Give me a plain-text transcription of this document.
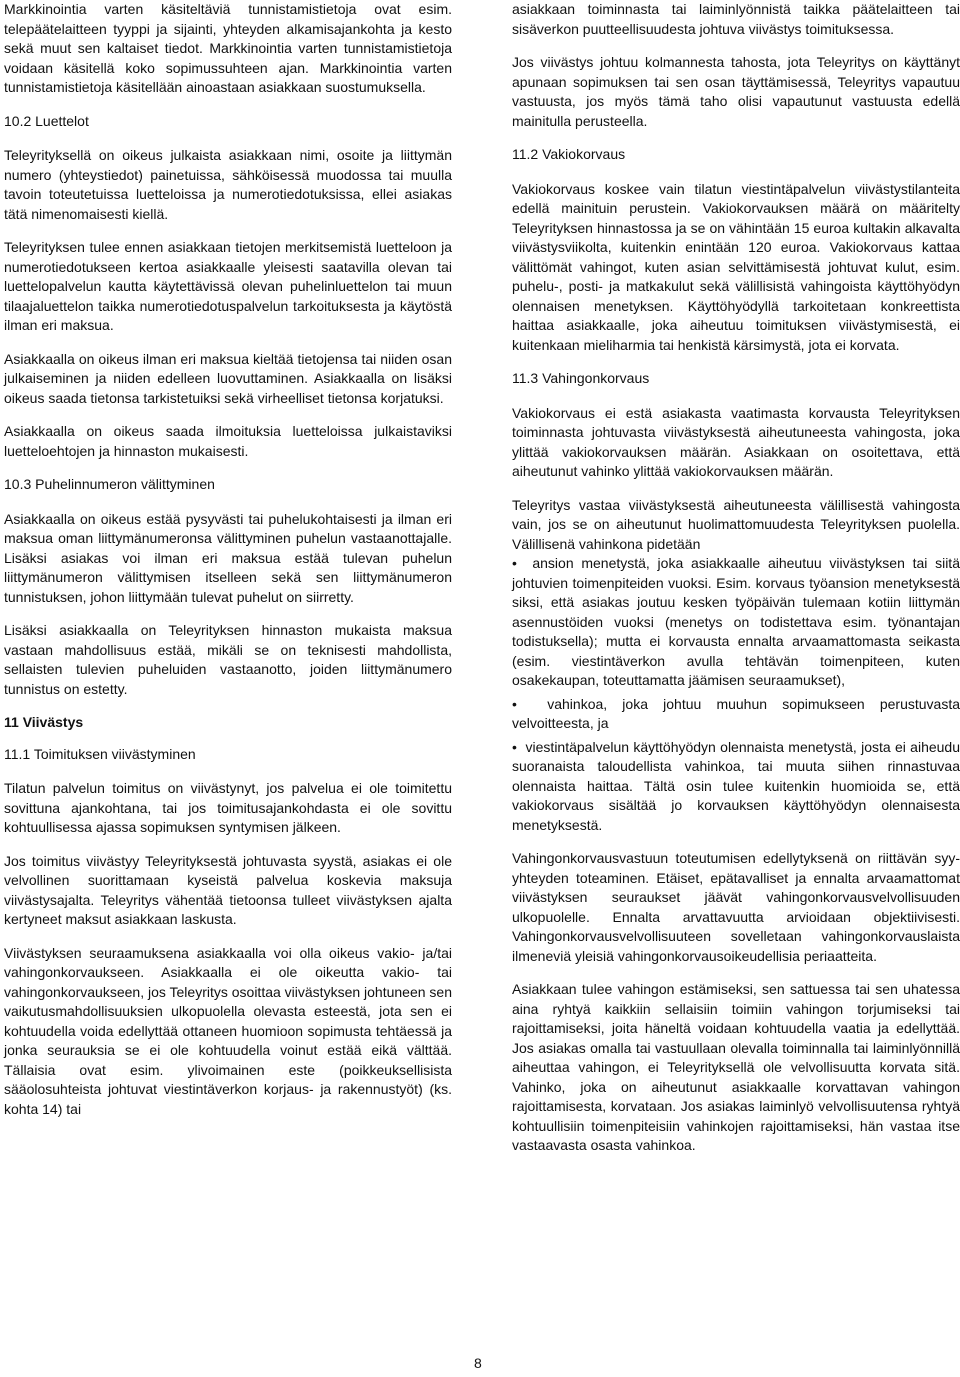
Markkinointia varten käsiteltäviä tunnistamistietoja ovat esim. telepäätelaitteen tyyppi ja sijainti, yhteyden alkamisajankohta ja kesto sekä muut sen kaltaiset tiedot. Markkinointia varten tunnistamistietoja voidaan käsitellä koko sopimussuhteen ajan. Markkinointia varten tunnistamistietoja käsitellään ainoastaan asiakkaan suostumuksella.

10.2 Luettelot

Teleyrityksellä on oikeus julkaista asiakkaan nimi, osoite ja liittymän numero (yhteystiedot) painetuissa, sähköisessä muodossa tai muulla tavoin toteutetuissa luetteloissa ja numerotiedotuksissa, ellei asiakas tätä nimenomaisesti kiellä.

Teleyrityksen tulee ennen asiakkaan tietojen merkitsemistä luetteloon ja numerotiedotukseen kertoa asiakkaalle yleisesti saatavilla olevan tai luettelopalvelun kautta käytettävissä olevan puhelinluettelon tai muun tilaajaluettelon taikka numerotiedotuspalvelun tarkoituksesta ja käytöstä ilman eri maksua.

Asiakkaalla on oikeus ilman eri maksua kieltää tietojensa tai niiden osan julkaiseminen ja niiden edelleen luovuttaminen. Asiakkaalla on lisäksi oikeus saada tietonsa tarkistetuiksi sekä virheelliset tietonsa korjatuksi.

Asiakkaalla on oikeus saada ilmoituksia luetteloissa julkaistaviksi luetteloehtojen ja hinnaston mukaisesti.

10.3 Puhelinnumeron välittyminen

Asiakkaalla on oikeus estää pysyvästi tai puhelukohtaisesti ja ilman eri maksua oman liittymänumeronsa välittyminen puhelun vastaanottajalle. Lisäksi asiakas voi ilman eri maksua estää tulevan puhelun liittymänumeron välittymisen itselleen sekä sen liittymänumeron tunnistuksen, johon liittymään tulevat puhelut on siirretty.

Lisäksi asiakkaalla on Teleyrityksen hinnaston mukaista maksua vastaan mahdollisuus estää, mikäli se on teknisesti mahdollista, sellaisten tulevien puheluiden vastaanotto, joiden liittymänumero tunnistus on estetty.

11 Viivästys
11.1 Toimituksen viivästyminen

Tilatun palvelun toimitus on viivästynyt, jos palvelua ei ole toimitettu sovittuna ajankohtana, tai jos toimitusajankohdasta ei ole sovittu kohtuullisessa ajassa sopimuksen syntymisen jälkeen.

Jos toimitus viivästyy Teleyrityksestä johtuvasta syystä, asiakas ei ole velvollinen suorittamaan kyseistä palvelua koskevia maksuja viivästysajalta. Teleyritys vähentää tietoonsa tulleet viivästyksen ajalta kertyneet maksut asiakkaan laskusta.

Viivästyksen seuraamuksena asiakkaalla voi olla oikeus vakio- ja/tai vahingonkorvaukseen. Asiakkaalla ei ole oikeutta vakio- tai vahingonkorvaukseen, jos Teleyritys osoittaa viivästyksen johtuneen sen vaikutusmahdollisuuksien ulkopuolella olevasta esteestä, jota sen ei kohtuudella voida edellyttää ottaneen huomioon sopimusta tehtäessä ja jonka seurauksia se ei ole kohtuudella voinut estää eikä välttää. Tällaisia ovat esim. ylivoimainen este (poikkeuksellisista sääolosuhteista johtuvat viestintäverkon korjaus- ja rakennustyöt) (ks. kohta 14) tai

asiakkaan toiminnasta tai laiminlyönnistä taikka päätelaitteen tai sisäverkon puutteellisuudesta johtuva viivästys toimituksessa.

Jos viivästys johtuu kolmannesta tahosta, jota Teleyritys on käyttänyt apunaan sopimuksen tai sen osan täyttämisessä, Teleyritys vapautuu vastuusta, jos myös tämä taho olisi vapautunut vastuusta edellä mainitulla perusteella.

11.2 Vakiokorvaus

Vakiokorvaus koskee vain tilatun viestintäpalvelun viivästystilanteita edellä mainituin perustein. Vakiokorvauksen määrä on määritelty Teleyrityksen hinnastossa ja se on vähintään 15 euroa kultakin alkavalta viivästysviikolta, kuitenkin enintään 120 euroa. Vakiokorvaus kattaa välittömät vahingot, kuten asian selvittämisestä johtuvat kulut, esim. puhelu-, posti- ja matkakulut sekä välillisistä vahingoista käyttöhyödyn olennaisen menetyksen. Käyttöhyödyllä tarkoitetaan konkreettista haittaa asiakkaalle, joka aiheutuu toimituksen viivästymisestä, ei kuitenkaan mieliharmia tai henkistä kärsimystä, jota ei korvata.

11.3 Vahingonkorvaus

Vakiokorvaus ei estä asiakasta vaatimasta korvausta Teleyrityksen toiminnasta johtuvasta viivästyksestä aiheutuneesta vahingosta, joka ylittää vakiokorvauksen määrän. Asiakkaan on osoitettava, että aiheutunut vahinko ylittää vakiokorvauksen määrän.

Teleyritys vastaa viivästyksestä aiheutuneesta välillisestä vahingosta vain, jos se on aiheutunut huolimattomuudesta Teleyrityksen puolella. Välillisenä vahinkona pidetään

•  ansion menetystä, joka asiakkaalle aiheutuu viivästyksen tai siitä johtuvien toimenpiteiden vuoksi. Esim. korvaus työansion menetyksestä siksi, että asiakas joutuu kesken työpäivän tulemaan kotiin liittymän asennustöiden vuoksi (menetys on todistettava esim. työnantajan todistuksella); mutta ei korvausta ennalta arvaamattomasta seikasta (esim. viestintäverkon avulla tehtävän toimenpiteen, kuten osakekaupan, toteuttamatta jäämisen seuraamukset),
•  vahinkoa, joka johtuu muuhun sopimukseen perustuvasta velvoitteesta, ja
•  viestintäpalvelun käyttöhyödyn olennaista menetystä, josta ei aiheudu suoranaista taloudellista vahinkoa, tai muuta siihen rinnastuvaa olennaista haittaa. Tältä osin tulee kuitenkin huomioida se, että vakiokorvaus sisältää jo korvauksen käyttöhyödyn olennaisesta menetyksestä.

Vahingonkorvausvastuun toteutumisen edellytyksenä on riittävän syy-yhteyden toteaminen. Etäiset, epätavalliset ja ennalta arvaamattomat viivästyksen seuraukset jäävät vahingonkorvausvelvollisuuden ulkopuolelle. Ennalta arvattavuutta arvioidaan objektiivisesti. Vahingonkorvausvelvollisuuteen sovelletaan vahingonkorvauslaista ilmeneviä yleisiä vahingonkorvausoikeudellisia periaatteita.

Asiakkaan tulee vahingon estämiseksi, sen sattuessa tai sen uhatessa aina ryhtyä kaikkiin sellaisiin toimiin vahingon torjumiseksi tai rajoittamiseksi, joita häneltä voidaan kohtuudella vaatia ja edellyttää. Jos asiakas omalla tai vastuullaan olevalla toiminnalla tai laiminlyönnillä aiheuttaa vahingon, ei Teleyrityksellä ole velvollisuutta korvata sitä. Vahinko, joka on aiheutunut asiakkaalle korvattavan vahingon rajoittamisesta, korvataan. Jos asiakas laiminlyö velvollisuutensa ryhtyä kohtuullisiin toimenpiteisiin vahinkojen rajoittamiseksi, hän vastaa itse vastaavasta osasta vahinkoa.

8
